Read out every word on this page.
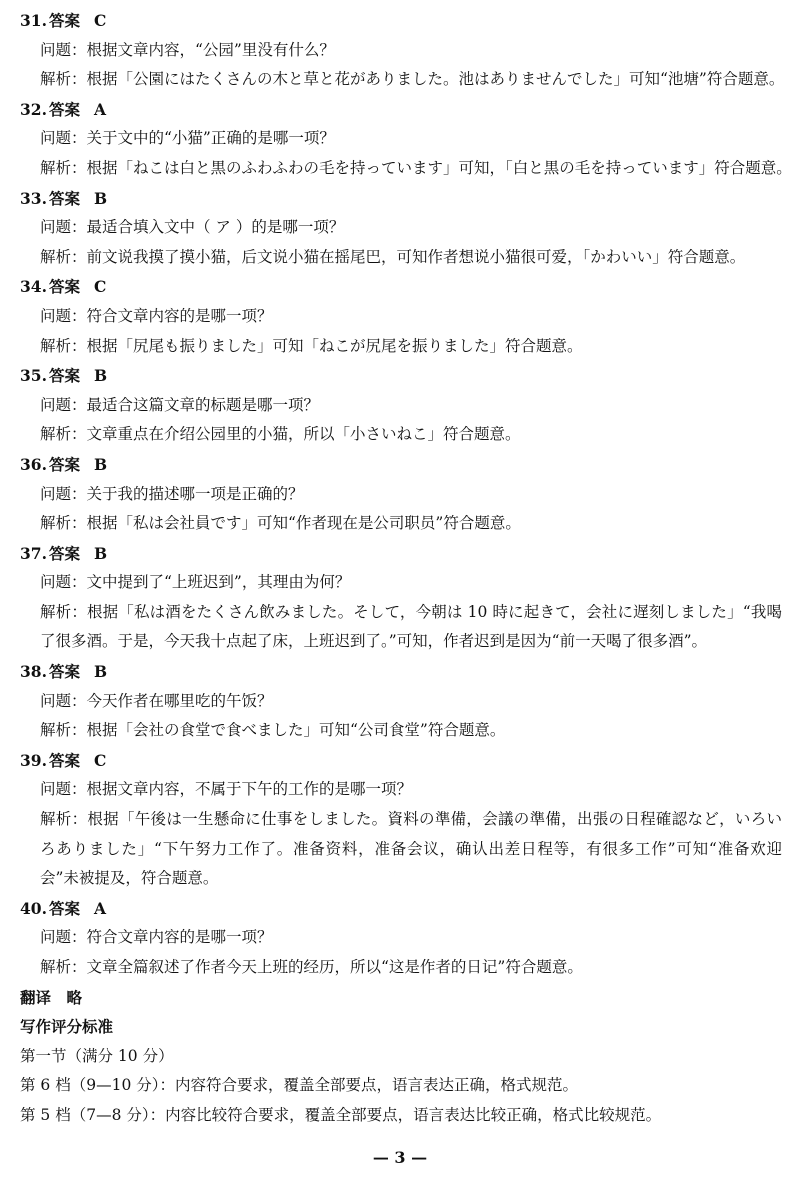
31. 答案 C
问题：根据文章内容，“公园”里没有什么？
解析：根据「公園にはたくさんの木と草と花がありました。池はありませんでした」可知“池塘”符合题意。
32. 答案 A
问题：关于文中的“小猫”正确的是哪一项？
解析：根据「ねこは白と黒のふわふわの毛を持っています」可知，「白と黒の毛を持っています」符合题意。
33. 答案 B
问题：最适合填入文中（ ア ）的是哪一项？
解析：前文说我摸了摸小猫，后文说小猫在摇尾巴，可知作者想说小猫很可爱，「かわいい」符合题意。
34. 答案 C
问题：符合文章内容的是哪一项？
解析：根据「尻尾も振りました」可知「ねこが尻尾を振りました」符合题意。
35. 答案 B
问题：最适合这篇文章的标题是哪一项？
解析：文章重点在介绍公园里的小猫，所以「小さいねこ」符合题意。
36. 答案 B
问题：关于我的描述哪一项是正确的？
解析：根据「私は会社員です」可知“作者现在是公司职员”符合题意。
37. 答案 B
问题：文中提到了“上班迟到”，其理由为何？
解析：根据「私は酒をたくさん飲みました。そして，今朝は 10 時に起きて，会社に遅刻しました」“我喝了很多酒。于是，今天我十点起了床，上班迟到了。”可知，作者迟到是因为“前一天喝了很多酒”。
38. 答案 B
问题：今天作者在哪里吃的午饭？
解析：根据「会社の食堂で食べました」可知“公司食堂”符合题意。
39. 答案 C
问题：根据文章内容，不属于下午的工作的是哪一项？
解析：根据「午後は一生懸命に仕事をしました。資料の準備，会議の準備，出張の日程確認など，いろいろありました」“下午努力工作了。准备资料，准备会议，确认出差日程等，有很多工作”可知“准备欢迎会”未被提及，符合题意。
40. 答案 A
问题：符合文章内容的是哪一项？
解析：文章全篇叙述了作者今天上班的经历，所以“这是作者的日记”符合题意。
翻译　略
写作评分标准
第一节（满分 10 分）
第 6 档（9—10 分）：内容符合要求，覆盖全部要点，语言表达正确，格式规范。
第 5 档（7—8 分）：内容比较符合要求，覆盖全部要点，语言表达比较正确，格式比较规范。
— 3 —
